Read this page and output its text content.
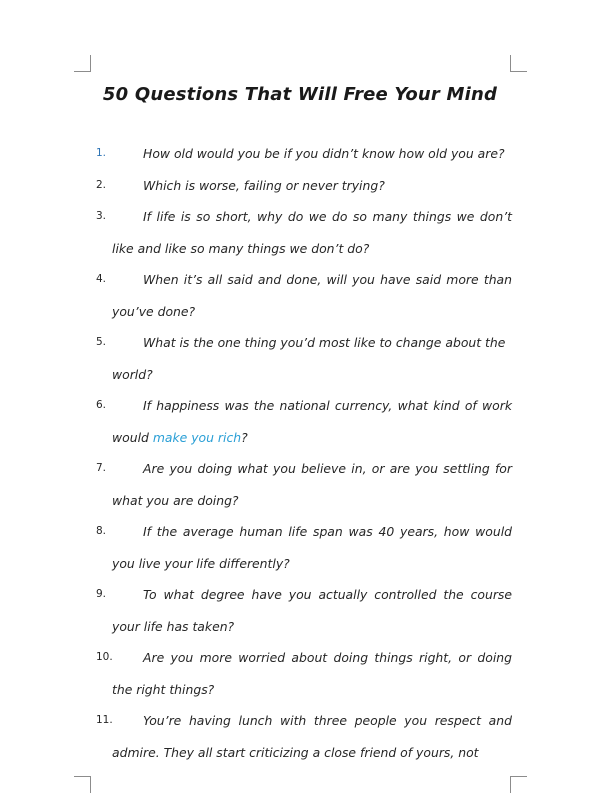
50 Questions That Will Free Your Mind
1.	How old would you be if you didn’t know how old you are?
2.	Which is worse, failing or never trying?
3.	If life is so short, why do we do so many things we don’t like and like so many things we don’t do?
4.	When it’s all said and done, will you have said more than you’ve done?
5.	What is the one thing you’d most like to change about the world?
6.	If happiness was the national currency, what kind of work would make you rich?
7.	Are you doing what you believe in, or are you settling for what you are doing?
8.	If the average human life span was 40 years, how would you live your life differently?
9.	To what degree have you actually controlled the course your life has taken?
10. Are you more worried about doing things right, or doing the right things?
11. You’re having lunch with three people you respect and admire. They all start criticizing a close friend of yours, not
